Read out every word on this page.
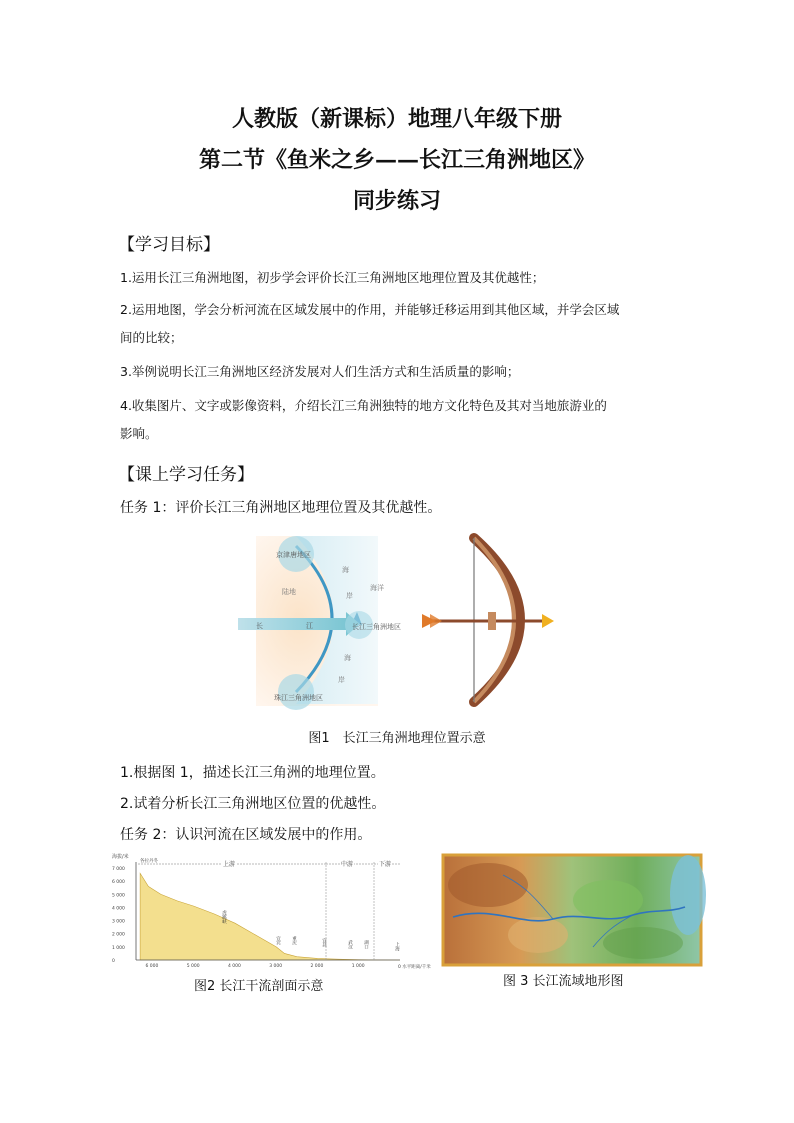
人教版（新课标）地理八年级下册
第二节《鱼米之乡——长江三角洲地区》
同步练习
【学习目标】
1.运用长江三角洲地图，初步学会评价长江三角洲地区地理位置及其优越性；
2.运用地图，学会分析河流在区域发展中的作用，并能够迁移运用到其他区域，并学会区域
间的比较；
3.举例说明长江三角洲地区经济发展对人们生活方式和生活质量的影响；
4.收集图片、文字或影像资料，介绍长江三角洲独特的地方文化特色及其对当地旅游业的
影响。
【课上学习任务】
任务 1：评价长江三角洲地区地理位置及其优越性。
京津唐地区
珠江三角洲地区
陆地	海洋
长	江	长江三角洲地区
海
岸
海
岸
图1　长江三角洲地理位置示意
1.根据图 1，描述长江三角洲的地理位置。
2.试着分析长江三角洲地区位置的优越性。
任务 2：认识河流在区域发展中的作用。
7 000
6 000
5 000
4 000
3 000
2 000
1 000
0
6 000	5 000	4 000	3 000	2 000	1 000
海拔/米
0 水平距离/千米
各拉丹冬	上游	中游	下游
虎跳峡
宜宾 重庆	宜昌	武汉 湖口	上海
图2 长江干流剖面示意	图 3 长江流域地形图
